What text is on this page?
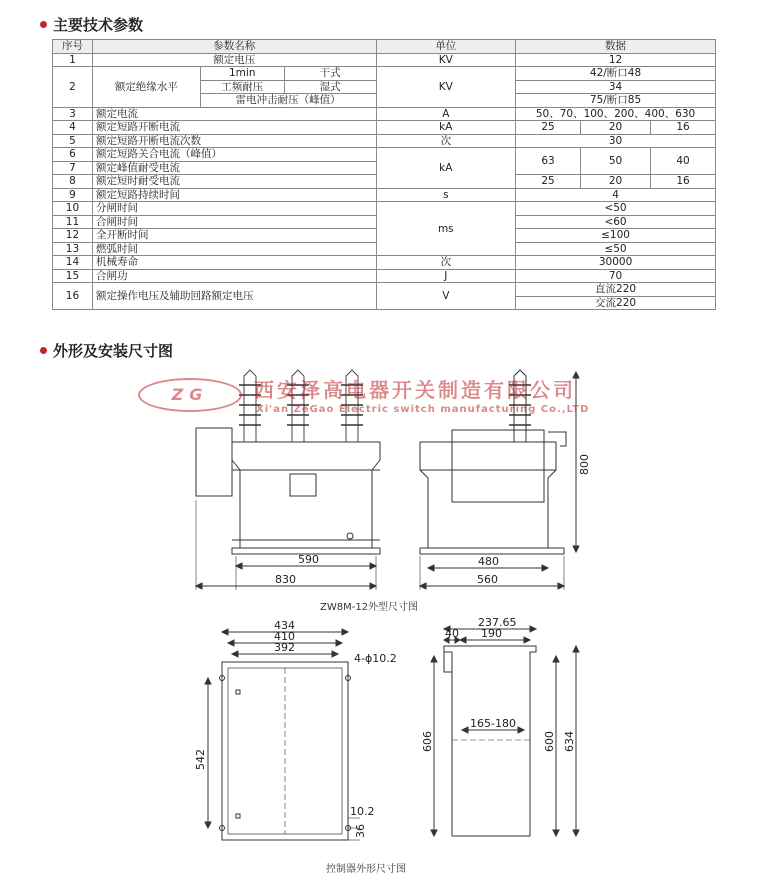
主要技术参数
序号	参数名称			单位	数据		
1	额定电压			KV	12		
2	额定绝缘水平	1min	干式	KV	42/断口48		
		工频耐压	湿式		34		
		雷电冲击耐压（峰值）			75/断口85		
3	额定电流			A	50、70、100、200、400、630		
4	额定短路开断电流			kA	25	20	16
5	额定短路开断电流次数			次	30		
6	额定短路关合电流（峰值）			kA	63	50	40
7	额定峰值耐受电流						
8	额定短时耐受电流				25	20	16
9	额定短路持续时间			s	4		
10	分闸时间			ms	<50		
11	合闸时间				<60		
12	全开断时间				≤100		
13	燃弧时间				≤50		
14	机械寿命			次	30000		
15	合闸功			J	70		
16	额定操作电压及辅助回路额定电压			V	直流220		
					交流220		
外形及安装尺寸图
590
830
480
560
800
434
410
392
4-ϕ10.2
542
10.2
36
237.65
40 190
165-180
606	600 634
ZG	西安泽高电器开关制造有限公司
Xi'an ZeGao Electric switch manufacturing Co.,LTD
ZW8M-12外型尺寸图
控制器外形尺寸图
